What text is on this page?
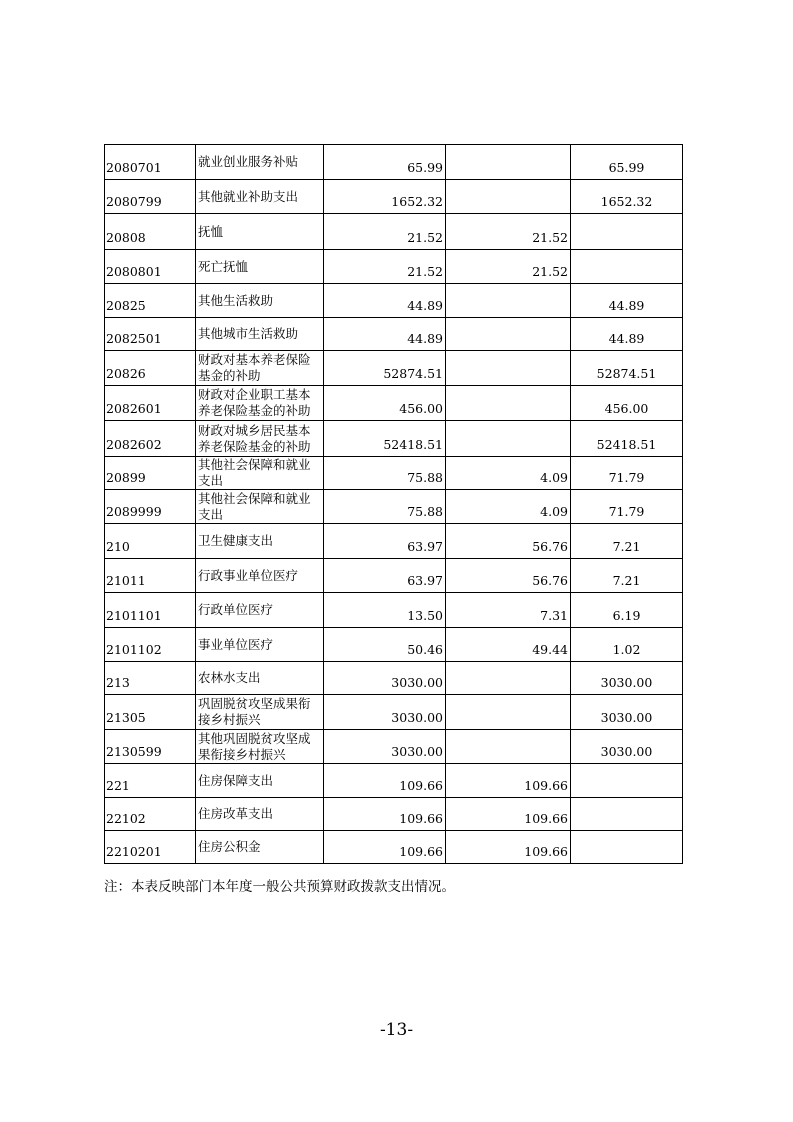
2080701	就业创业服务补贴	65.99		65.99
2080799	其他就业补助支出	1652.32		1652.32
20808	抚恤	21.52	21.52	
2080801	死亡抚恤	21.52	21.52	
20825	其他生活救助	44.89		44.89
2082501	其他城市生活救助	44.89		44.89
20826	财政对基本养老保险
基金的补助	52874.51		52874.51
2082601	财政对企业职工基本
养老保险基金的补助	456.00		456.00
2082602	财政对城乡居民基本
养老保险基金的补助	52418.51		52418.51
20899	其他社会保障和就业
支出	75.88	4.09	71.79
2089999	其他社会保障和就业
支出	75.88	4.09	71.79
210	卫生健康支出	63.97	56.76	7.21
21011	行政事业单位医疗	63.97	56.76	7.21
2101101	行政单位医疗	13.50	7.31	6.19
2101102	事业单位医疗	50.46	49.44	1.02
213	农林水支出	3030.00		3030.00
21305	巩固脱贫攻坚成果衔
接乡村振兴	3030.00		3030.00
2130599	其他巩固脱贫攻坚成
果衔接乡村振兴	3030.00		3030.00
221	住房保障支出	109.66	109.66	
22102	住房改革支出	109.66	109.66	
2210201	住房公积金	109.66	109.66	
注：本表反映部门本年度一般公共预算财政拨款支出情况。
-13-
